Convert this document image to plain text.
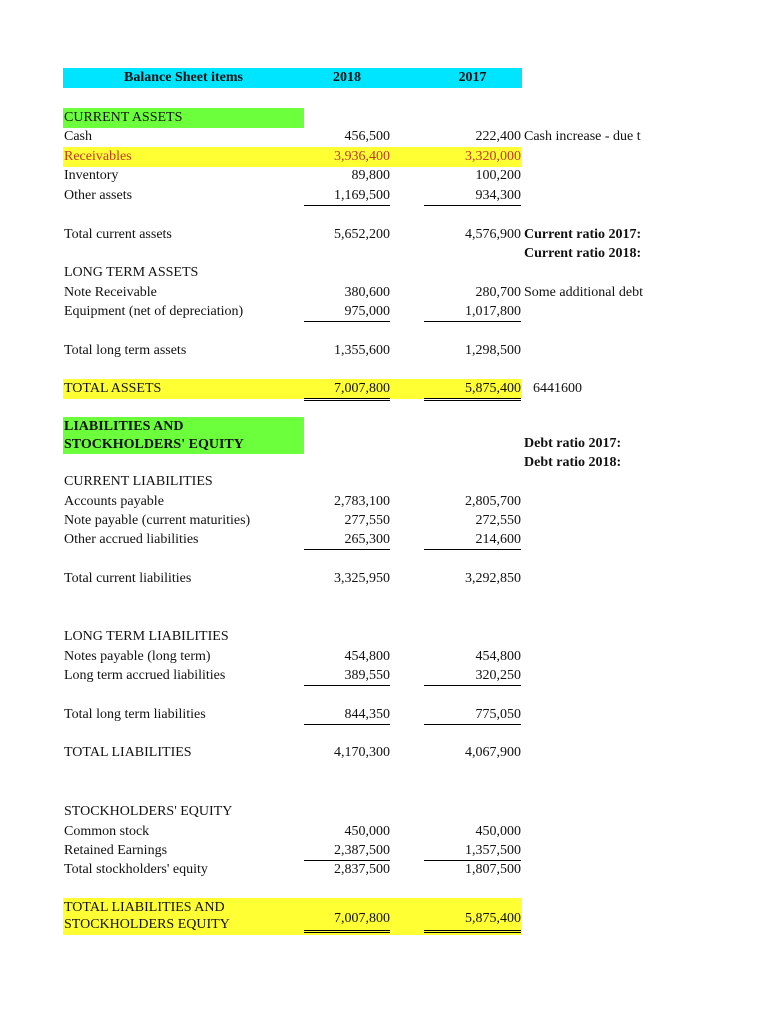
Balance Sheet items	2018	2017
CURRENT ASSETS
Cash	456,500	222,400 Cash increase - due t
Receivables	3,936,400	3,320,000
Inventory	89,800	100,200
Other assets	1,169,500	934,300
Total current assets	5,652,200	4,576,900 Current ratio 2017:
Current ratio 2018:
LONG TERM ASSETS
Note Receivable	380,600	280,700 Some additional debt
Equipment (net of depreciation)	975,000	1,017,800
Total long term assets	1,355,600	1,298,500
TOTAL ASSETS	7,007,800	5,875,400 6441600
LIABILITIES AND
STOCKHOLDERS' EQUITY	Debt ratio 2017:
Debt ratio 2018:
CURRENT LIABILITIES
Accounts payable	2,783,100	2,805,700
Note payable (current maturities)	277,550	272,550
Other accrued liabilities	265,300	214,600
Total current liabilities	3,325,950	3,292,850
LONG TERM LIABILITIES
Notes payable (long term)	454,800	454,800
Long term accrued liabilities	389,550	320,250
Total long term liabilities	844,350	775,050
TOTAL LIABILITIES	4,170,300	4,067,900
STOCKHOLDERS' EQUITY
Common stock	450,000	450,000
Retained Earnings	2,387,500	1,357,500
Total stockholders' equity	2,837,500	1,807,500
TOTAL LIABILITIES AND
STOCKHOLDERS EQUITY	7,007,800	5,875,400
